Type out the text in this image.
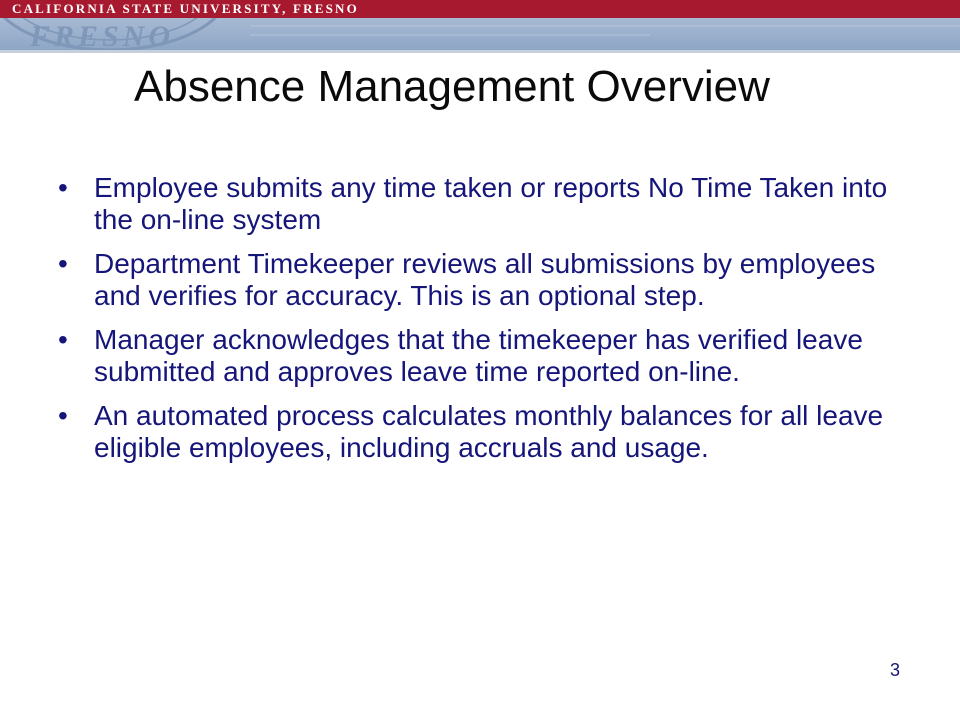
CALIFORNIA STATE UNIVERSITY, FRESNO
FRESNO
Absence Management Overview
• Employee submits any time taken or reports No Time Taken into the on-line system
• Department Timekeeper reviews all submissions by employees and verifies for accuracy. This is an optional step.
• Manager acknowledges that the timekeeper has verified leave submitted and approves leave time reported on-line.
• An automated process calculates monthly balances for all leave eligible employees, including accruals and usage.
3
